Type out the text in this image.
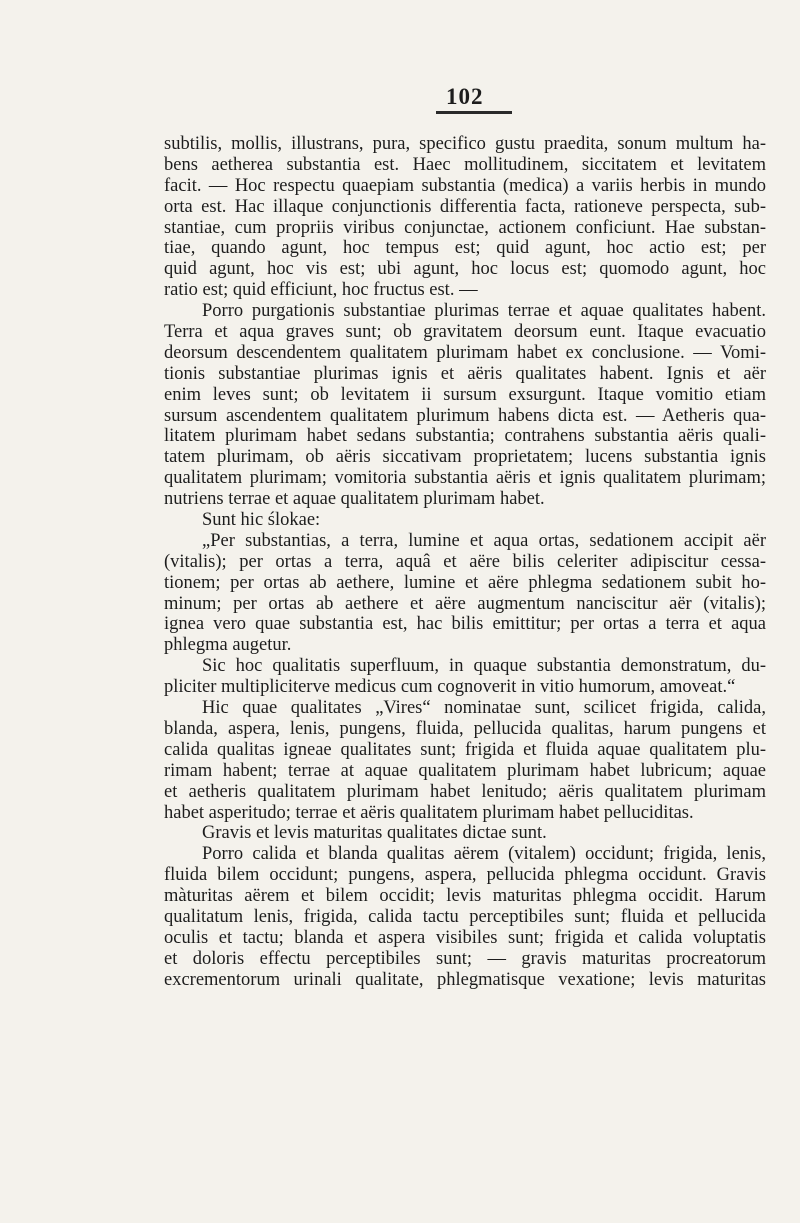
102
subtilis, mollis, illustrans, pura, specifico gustu praedita, sonum multum ha-
bens aetherea substantia est. Haec mollitudinem, siccitatem et levitatem
facit. — Hoc respectu quaepiam substantia (medica) a variis herbis in mundo
orta est. Hac illaque conjunctionis differentia facta, rationeve perspecta, sub-
stantiae, cum propriis viribus conjunctae, actionem conficiunt. Hae substan-
tiae, quando agunt, hoc tempus est; quid agunt, hoc actio est; per
quid agunt, hoc vis est; ubi agunt, hoc locus est; quomodo agunt, hoc
ratio est; quid efficiunt, hoc fructus est. —
Porro purgationis substantiae plurimas terrae et aquae qualitates habent.
Terra et aqua graves sunt; ob gravitatem deorsum eunt. Itaque evacuatio
deorsum descendentem qualitatem plurimam habet ex conclusione. — Vomi-
tionis substantiae plurimas ignis et aëris qualitates habent. Ignis et aër
enim leves sunt; ob levitatem ii sursum exsurgunt. Itaque vomitio etiam
sursum ascendentem qualitatem plurimum habens dicta est. — Aetheris qua-
litatem plurimam habet sedans substantia; contrahens substantia aëris quali-
tatem plurimam, ob aëris siccativam proprietatem; lucens substantia ignis
qualitatem plurimam; vomitoria substantia aëris et ignis qualitatem plurimam;
nutriens terrae et aquae qualitatem plurimam habet.
Sunt hic ślokae:
„Per substantias, a terra, lumine et aqua ortas, sedationem accipit aër
(vitalis); per ortas a terra, aquâ et aëre bilis celeriter adipiscitur cessa-
tionem; per ortas ab aethere, lumine et aëre phlegma sedationem subit ho-
minum; per ortas ab aethere et aëre augmentum nanciscitur aër (vitalis);
ignea vero quae substantia est, hac bilis emittitur; per ortas a terra et aqua
phlegma augetur.
Sic hoc qualitatis superfluum, in quaque substantia demonstratum, du-
pliciter multipliciterve medicus cum cognoverit in vitio humorum, amoveat.“
Hic quae qualitates „Vires“ nominatae sunt, scilicet frigida, calida,
blanda, aspera, lenis, pungens, fluida, pellucida qualitas, harum pungens et
calida qualitas igneae qualitates sunt; frigida et fluida aquae qualitatem plu-
rimam habent; terrae at aquae qualitatem plurimam habet lubricum; aquae
et aetheris qualitatem plurimam habet lenitudo; aëris qualitatem plurimam
habet asperitudo; terrae et aëris qualitatem plurimam habet pelluciditas.
Gravis et levis maturitas qualitates dictae sunt.
Porro calida et blanda qualitas aërem (vitalem) occidunt; frigida, lenis,
fluida bilem occidunt; pungens, aspera, pellucida phlegma occidunt. Gravis
màturitas aërem et bilem occidit; levis maturitas phlegma occidit. Harum
qualitatum lenis, frigida, calida tactu perceptibiles sunt; fluida et pellucida
oculis et tactu; blanda et aspera visibiles sunt; frigida et calida voluptatis
et doloris effectu perceptibiles sunt; — gravis maturitas procreatorum
excrementorum urinali qualitate, phlegmatisque vexatione; levis maturitas
